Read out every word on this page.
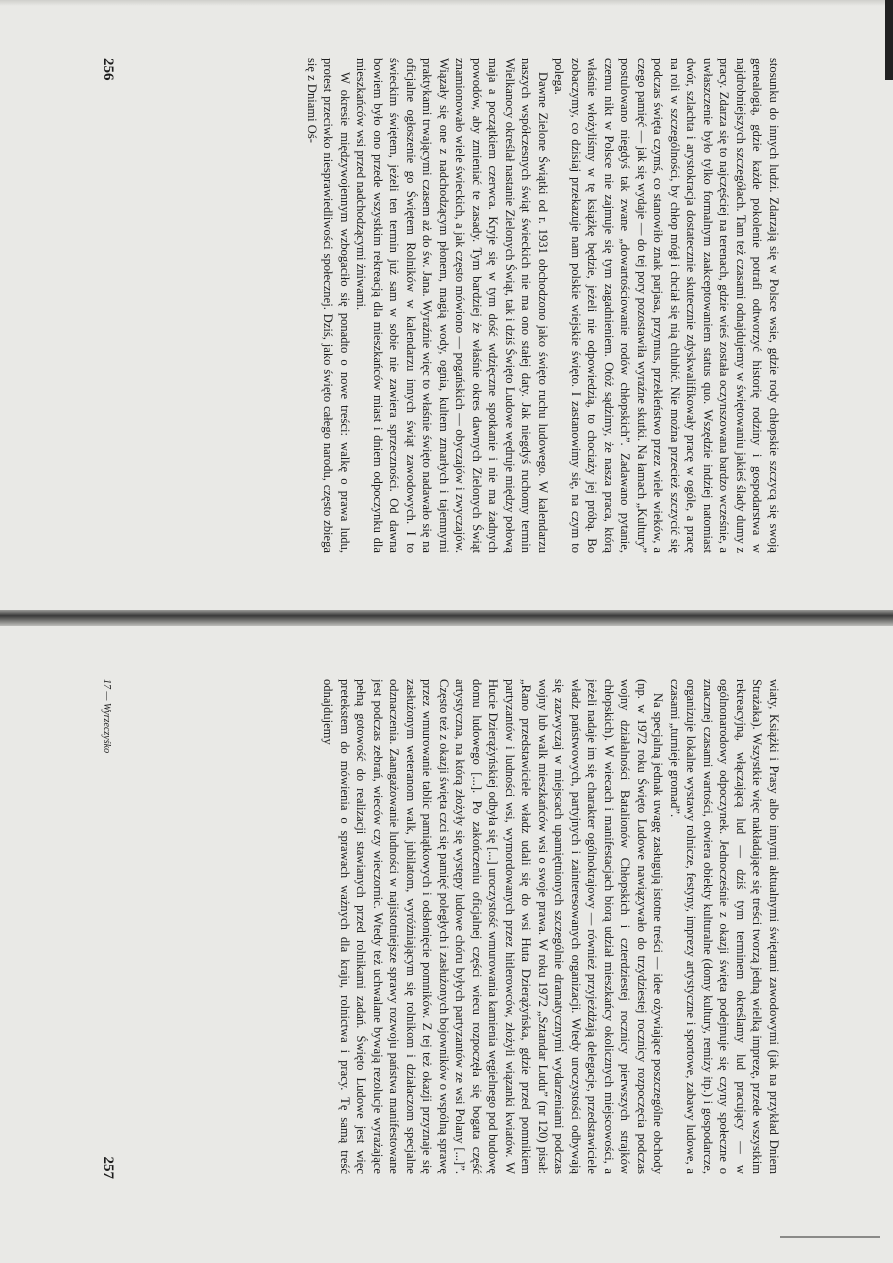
stosunku do innych ludzi. Zdarzają się w Polsce wsie, gdzie rody chłopskie szczycą się swoją genealogią, gdzie każde pokolenie potrafi odtworzyć historię rodziny i gospodarstwa w najdrobniejszych szczegółach. Tam też czasami odnajdujemy w świętowaniu jakieś ślady dumy z pracy. Zdarza się to najczęściej na terenach, gdzie wieś została oczynszowana bardzo wcześnie, a uwłaszczenie było tylko formalnym zaakceptowaniem status quo. Wszędzie indziej natomiast dwór, szlachta i arystokracja dostatecznie skutecznie zdyskwalifikowały pracę w ogóle, a pracę na roli w szczególności, by chłop mógł i chciał się nią chlubić. Nie można przecież szczycić się podczas święta czymś, co stanowiło znak parjasa, przymus, przekleństwo przez wiele wieków, a czego pamięć — jak się wydaje — do tej pory pozostawiła wyraźne skutki. Na łamach „Kultury” postulowano niegdyś tak zwane „dowartościowanie rodów chłopskich”. Zadawano pytanie, czemu nikt w Polsce nie zajmuje się tym zagadnieniem. Otóż sądzimy, że nasza praca, którą właśnie włożyliśmy w tę książkę będzie, jeżeli nie odpowiedzią, to chociaży jej próbą. Bo zobaczymy, co dzisiaj przekazuje nam polskie wiejskie święto. I zastanowimy się, na czym to polega.

Dawne Zielone Świątki od r. 1931 obchodzono jako święto ruchu ludowego. W kalendarzu naszych współczesnych świąt świeckich nie ma ono stałej daty. Jak niegdyś ruchomy termin Wielkanocy określał nastanie Zielonych Świąt, tak i dziś Święto Ludowe wędruje między połową maja a początkiem czerwca. Kryje się w tym dość wdzięczne spotkanie i nie ma żadnych powodów, aby zmieniać te zasady. Tym bardziej że właśnie okres dawnych Zielonych Świąt znamionowało wiele świeckich, a jak często mówiono — pogańskich — obyczajów i zwyczajów. Wiązały się one z nadchodzącym płonem, magią wody, ognia, kultem zmarłych i tajemnymi praktykami trwającymi czasem aż do św. Jana. Wyraźnie więc to właśnie święto nadawało się na oficjalne ogłoszenie go Świętem Rolników w kalendarzu innych świąt zawodowych. I to świeckim świętem, jeżeli ten termin już sam w sobie nie zawiera sprzeczności. Od dawna bowiem było ono przede wszystkim rekreacją dla mieszkańców miast i dniem odpoczynku dla mieszkańców wsi przed nadchodzącymi żniwami.

W okresie międzywojennym wzbogaciło się ponadto o nowe treści: walkę o prawa ludu, protest przeciwko niesprawiedliwości społecznej. Dziś, jako święto całego narodu, często zbiega się z Dniami Oś-

256

wiaty, Książki i Prasy albo innymi aktualnymi świętami zawodowymi (jak na przykład Dniem Strażaka). Wszystkie więc nakładające się treści tworzą jedną wielką imprezę, przede wszystkim rekreacyjną, włączającą lud — dziś tym terminem określamy lud pracujący — w ogólnonarodowy odpoczynek. Jednocześnie z okazji święta podejmuje się czyny społeczne o znacznej czasami wartości, otwiera obiekty kulturalne (domy kultury, remizy itp.) i gospodarcze, organizuje lokalne wystawy rolnicze, festyny, imprezy artystyczne i sportowe, zabawy ludowe, a czasami „turnieje gromad”.

Na specjalną jednak uwagę zasługują istotne treści — idee ożywiające poszczególne obchody (np. w 1972 roku Święto Ludowe nawiązywało do trzydziestej rocznicy rozpoczęcia podczas wojny działalności Batalionów Chłopskich i czterdziestej rocznicy pierwszych strajków chłopskich). W wiecach i manifestacjach biorą udział mieszkańcy okolicznych miejscowości, a jeżeli nadaje im się charakter ogólnokrajowy — również przyjeżdżają delegacje, przedstawiciele władz państwowych, partyjnych i zainteresowanych organizacji. Wtedy uroczystości odbywają się zazwyczaj w miejscach upamiętnionych szczególnie dramatycznymi wydarzeniami podczas wojny lub walk mieszkańców wsi o swoje prawa. W roku 1972 „Sztandar Ludu” (nr 120) pisał: „Rano przedstawiciele władz udali się do wsi Huta Dzierążyńska, gdzie przed pomnikiem partyzantów i ludności wsi, wymordowanych przez hitlerowców, złożyli wiązanki kwiatów. W Hucie Dzierążyńskiej odbyła się [...] uroczystość wmurowania kamienia węgielnego pod budowę domu ludowego [...]. Po zakończeniu oficjalnej części wiecu rozpoczęła się bogata część artystyczna, na którą złożyły się występy ludowe chóru byłych partyzantów ze wsi Polany [...]”. Często też z okazji święta czci się pamięć poległych i zasłużonych bojowników o wspólną sprawę przez wmurowanie tablic pamiątkowych i odsłonięcie pomników. Z tej też okazji przyznaje się zasłużonym weteranom walk, jubilatom, wyróżniającym się rolnikom i działaczom specjalne odznaczenia. Zaangażowanie ludności w najistotniejsze sprawy rozwoju państwa manifestowane jest podczas zebrań, wieców czy wieczornic. Wtedy też uchwalane bywają rezolucje wyrażające pełną gotowość do realizacji stawianych przed rolnikami zadań. Święto Ludowe jest więc pretekstem do mówienia o sprawach ważnych dla kraju, rolnictwa i pracy. Tę samą treść odnajdujemy

17 — Wyrzeczyśko
257
